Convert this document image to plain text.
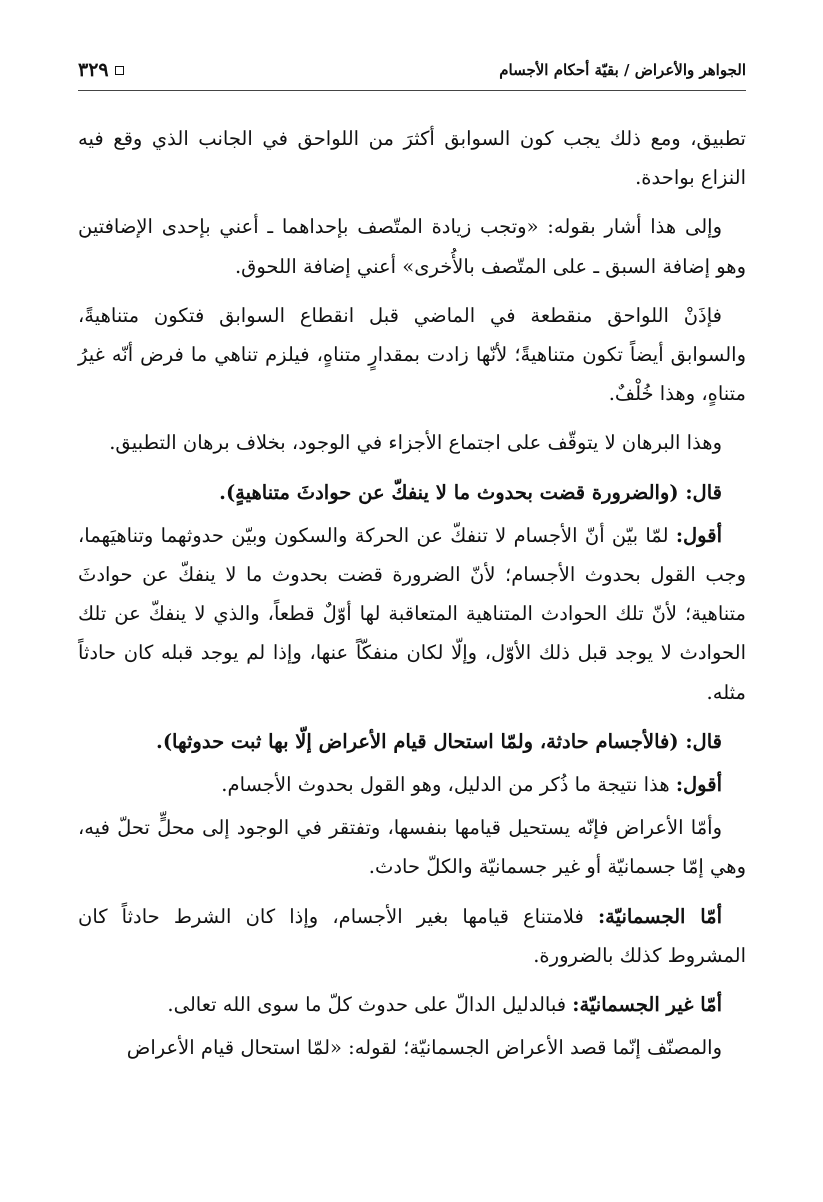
الجواهر والأعراض / بقيّة أحكام الأجسام
٣٢٩

تطبيق، ومع ذلك يجب كون السوابق أكثرَ من اللواحق في الجانب الذي وقع فيه النزاع بواحدة.

وإلى هذا أشار بقوله: «وتجب زيادة المتّصف بإحداهما ـ أعني بإحدى الإضافتين وهو إضافة السبق ـ على المتّصف بالأُخرى» أعني إضافة اللحوق.

فإذَنْ اللواحق منقطعة في الماضي قبل انقطاع السوابق فتكون متناهيةً، والسوابق أيضاً تكون متناهيةً؛ لأنّها زادت بمقدارٍ متناهٍ، فيلزم تناهي ما فرض أنّه غيرُ متناهٍ، وهذا خُلْفٌ.

وهذا البرهان لا يتوقّف على اجتماع الأجزاء في الوجود، بخلاف برهان التطبيق.

قال: (والضرورة قضت بحدوث ما لا ينفكّ عن حوادثَ متناهيةٍ).

أقول: لمّا بيّن أنّ الأجسام لا تنفكّ عن الحركة والسكون وبيّن حدوثهما وتناهيَهما، وجب القول بحدوث الأجسام؛ لأنّ الضرورة قضت بحدوث ما لا ينفكّ عن حوادثَ متناهية؛ لأنّ تلك الحوادث المتناهية المتعاقبة لها أوّلٌ قطعاً، والذي لا ينفكّ عن تلك الحوادث لا يوجد قبل ذلك الأوّل، وإلّا لكان منفكّاً عنها، وإذا لم يوجد قبله كان حادثاً مثله.

قال: (فالأجسام حادثة، ولمّا استحال قيام الأعراض إلّا بها ثبت حدوثها).

أقول: هذا نتيجة ما ذُكر من الدليل، وهو القول بحدوث الأجسام.

وأمّا الأعراض فإنّه يستحيل قيامها بنفسها، وتفتقر في الوجود إلى محلٍّ تحلّ فيه، وهي إمّا جسمانيّة أو غير جسمانيّة والكلّ حادث.

أمّا الجسمانيّة: فلامتناع قيامها بغير الأجسام، وإذا كان الشرط حادثاً كان المشروط كذلك بالضرورة.

أمّا غير الجسمانيّة: فبالدليل الدالّ على حدوث كلّ ما سوى الله تعالى.

والمصنّف إنّما قصد الأعراض الجسمانيّة؛ لقوله: «لمّا استحال قيام الأعراض
